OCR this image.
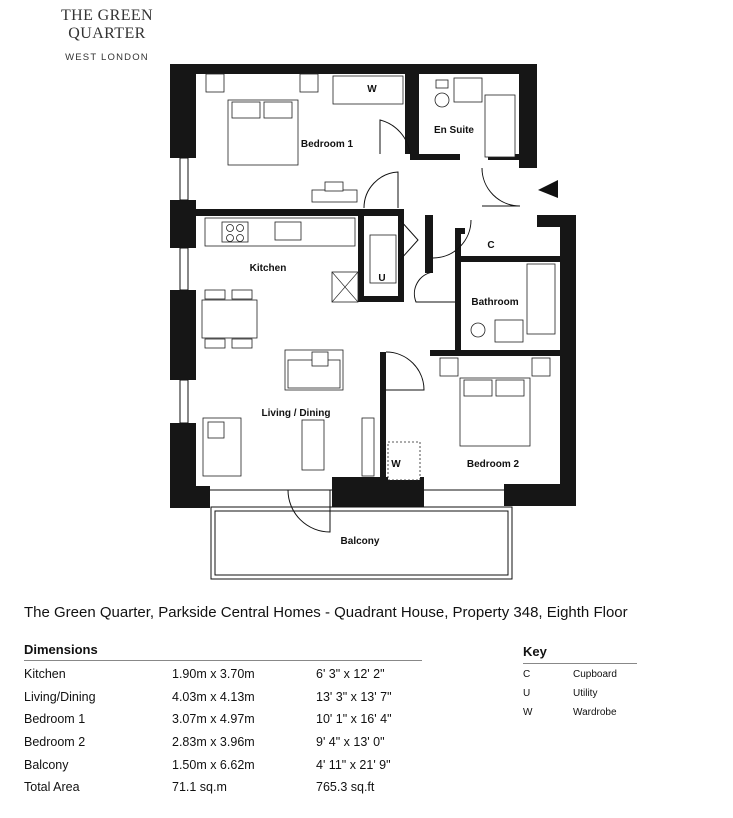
THE GREEN QUARTER
WEST LONDON
W
En Suite
Bedroom 1
C
Kitchen
U
Bathroom
Living / Dining
W	Bedroom 2
Balcony
The Green Quarter, Parkside Central Homes - Quadrant House, Property 348, Eighth Floor
Dimensions
Kitchen	1.90m x 3.70m	6' 3" x 12' 2"
Living/Dining	4.03m x 4.13m	13' 3" x 13' 7"
Bedroom 1	3.07m x 4.97m	10' 1" x 16' 4"
Bedroom 2	2.83m x 3.96m	9' 4" x 13' 0"
Balcony	1.50m x 6.62m	4' 11" x 21' 9"
Total Area	71.1 sq.m	765.3 sq.ft
Key
C	Cupboard
U	Utility
W	Wardrobe
